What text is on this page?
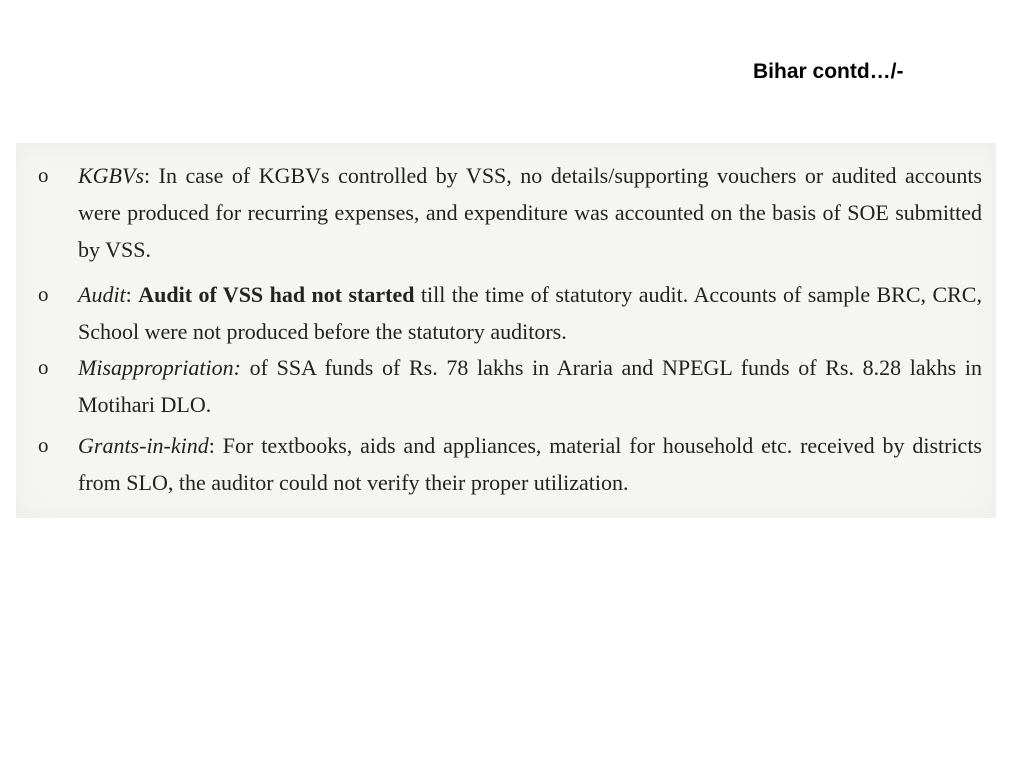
Bihar contd…/-
o KGBVs: In case of KGBVs controlled by VSS, no details/supporting vouchers or audited accounts were produced for recurring expenses, and expenditure was accounted on the basis of SOE submitted by VSS.
o Audit: Audit of VSS had not started till the time of statutory audit. Accounts of sample BRC, CRC, School were not produced before the statutory auditors.
o Misappropriation: of SSA funds of Rs. 78 lakhs in Araria and NPEGL funds of Rs. 8.28 lakhs in Motihari DLO.
o Grants-in-kind: For textbooks, aids and appliances, material for household etc. received by districts from SLO, the auditor could not verify their proper utilization.
